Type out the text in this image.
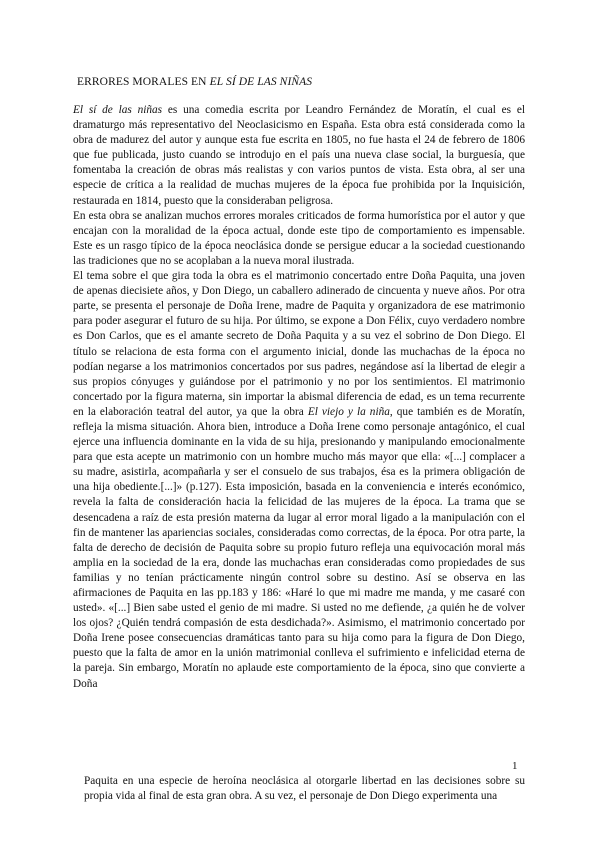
ERRORES MORALES EN EL SÍ DE LAS NIÑAS

El sí de las niñas es una comedia escrita por Leandro Fernández de Moratín, el cual es el dramaturgo más representativo del Neoclasicismo en España. Esta obra está considerada como la obra de madurez del autor y aunque esta fue escrita en 1805, no fue hasta el 24 de febrero de 1806 que fue publicada, justo cuando se introdujo en el país una nueva clase social, la burguesía, que fomentaba la creación de obras más realistas y con varios puntos de vista. Esta obra, al ser una especie de crítica a la realidad de muchas mujeres de la época fue prohibida por la Inquisición, restaurada en 1814, puesto que la consideraban peligrosa.

En esta obra se analizan muchos errores morales criticados de forma humorística por el autor y que encajan con la moralidad de la época actual, donde este tipo de comportamiento es impensable. Este es un rasgo típico de la época neoclásica donde se persigue educar a la sociedad cuestionando las tradiciones que no se acoplaban a la nueva moral ilustrada.

El tema sobre el que gira toda la obra es el matrimonio concertado entre Doña Paquita, una joven de apenas diecisiete años, y Don Diego, un caballero adinerado de cincuenta y nueve años. Por otra parte, se presenta el personaje de Doña Irene, madre de Paquita y organizadora de ese matrimonio para poder asegurar el futuro de su hija. Por último, se expone a Don Félix, cuyo verdadero nombre es Don Carlos, que es el amante secreto de Doña Paquita y a su vez el sobrino de Don Diego. El título se relaciona de esta forma con el argumento inicial, donde las muchachas de la época no podían negarse a los matrimonios concertados por sus padres, negándose así la libertad de elegir a sus propios cónyuges y guiándose por el patrimonio y no por los sentimientos. El matrimonio concertado por la figura materna, sin importar la abismal diferencia de edad, es un tema recurrente en la elaboración teatral del autor, ya que la obra El viejo y la niña, que también es de Moratín, refleja la misma situación. Ahora bien, introduce a Doña Irene como personaje antagónico, el cual ejerce una influencia dominante en la vida de su hija, presionando y manipulando emocionalmente para que esta acepte un matrimonio con un hombre mucho más mayor que ella: «[...] complacer a su madre, asistirla, acompañarla y ser el consuelo de sus trabajos, ésa es la primera obligación de una hija obediente.[...]» (p.127). Esta imposición, basada en la conveniencia e interés económico, revela la falta de consideración hacia la felicidad de las mujeres de la época. La trama que se desencadena a raíz de esta presión materna da lugar al error moral ligado a la manipulación con el fin de mantener las apariencias sociales, consideradas como correctas, de la época. Por otra parte, la falta de derecho de decisión de Paquita sobre su propio futuro refleja una equivocación moral más amplia en la sociedad de la era, donde las muchachas eran consideradas como propiedades de sus familias y no tenían prácticamente ningún control sobre su destino. Así se observa en las afirmaciones de Paquita en las pp.183 y 186: «Haré lo que mi madre me manda, y me casaré con usted». «[...] Bien sabe usted el genio de mi madre. Si usted no me defiende, ¿a quién he de volver los ojos? ¿Quién tendrá compasión de esta desdichada?». Asimismo, el matrimonio concertado por Doña Irene posee consecuencias dramáticas tanto para su hija como para la figura de Don Diego, puesto que la falta de amor en la unión matrimonial conlleva el sufrimiento e infelicidad eterna de la pareja. Sin embargo, Moratín no aplaude este comportamiento de la época, sino que convierte a Doña

1
Paquita en una especie de heroína neoclásica al otorgarle libertad en las decisiones sobre su propia vida al final de esta gran obra. A su vez, el personaje de Don Diego experimenta una
